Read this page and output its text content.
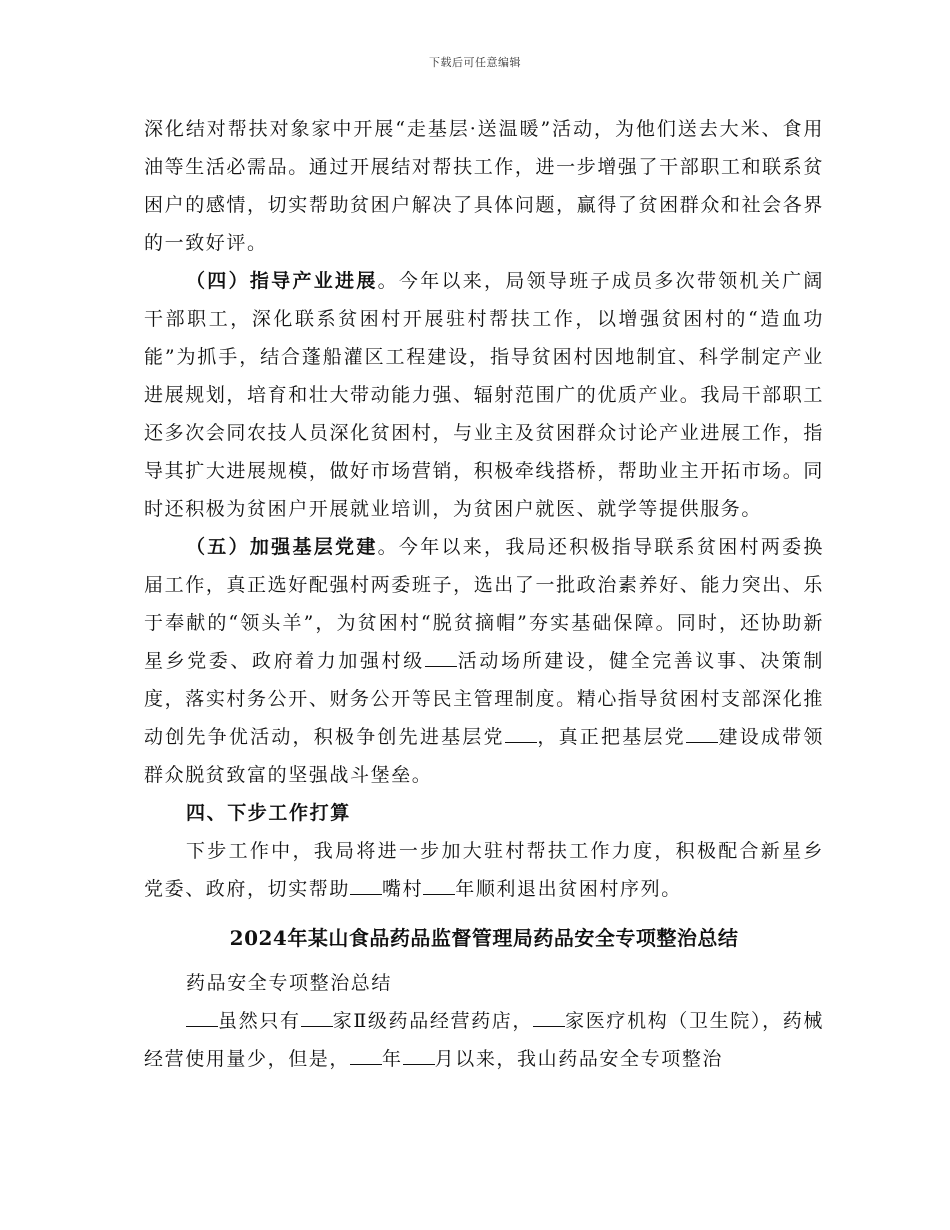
下载后可任意编辑

深化结对帮扶对象家中开展“走基层·送温暖”活动，为他们送去大米、食用油等生活必需品。通过开展结对帮扶工作，进一步增强了干部职工和联系贫困户的感情，切实帮助贫困户解决了具体问题，赢得了贫困群众和社会各界的一致好评。

（四）指导产业进展。今年以来，局领导班子成员多次带领机关广阔干部职工，深化联系贫困村开展驻村帮扶工作，以增强贫困村的“造血功能”为抓手，结合蓬船灌区工程建设，指导贫困村因地制宜、科学制定产业进展规划，培育和壮大带动能力强、辐射范围广的优质产业。我局干部职工还多次会同农技人员深化贫困村，与业主及贫困群众讨论产业进展工作，指导其扩大进展规模，做好市场营销，积极牵线搭桥，帮助业主开拓市场。同时还积极为贫困户开展就业培训，为贫困户就医、就学等提供服务。

（五）加强基层党建。今年以来，我局还积极指导联系贫困村两委换届工作，真正选好配强村两委班子，选出了一批政治素养好、能力突出、乐于奉献的“领头羊”，为贫困村“脱贫摘帽”夯实基础保障。同时，还协助新星乡党委、政府着力加强村级 活动场所建设，健全完善议事、决策制度，落实村务公开、财务公开等民主管理制度。精心指导贫困村支部深化推动创先争优活动，积极争创先进基层党 ，真正把基层党 建设成带领群众脱贫致富的坚强战斗堡垒。

四、下步工作打算

下步工作中，我局将进一步加大驻村帮扶工作力度，积极配合新星乡党委、政府，切实帮助 嘴村 年顺利退出贫困村序列。

2024年某山食品药品监督管理局药品安全专项整治总结

药品安全专项整治总结

虽然只有 家Ⅱ级药品经营药店， 家医疗机构（卫生院），药械经营使用量少，但是， 年 月以来，我山药品安全专项整治
